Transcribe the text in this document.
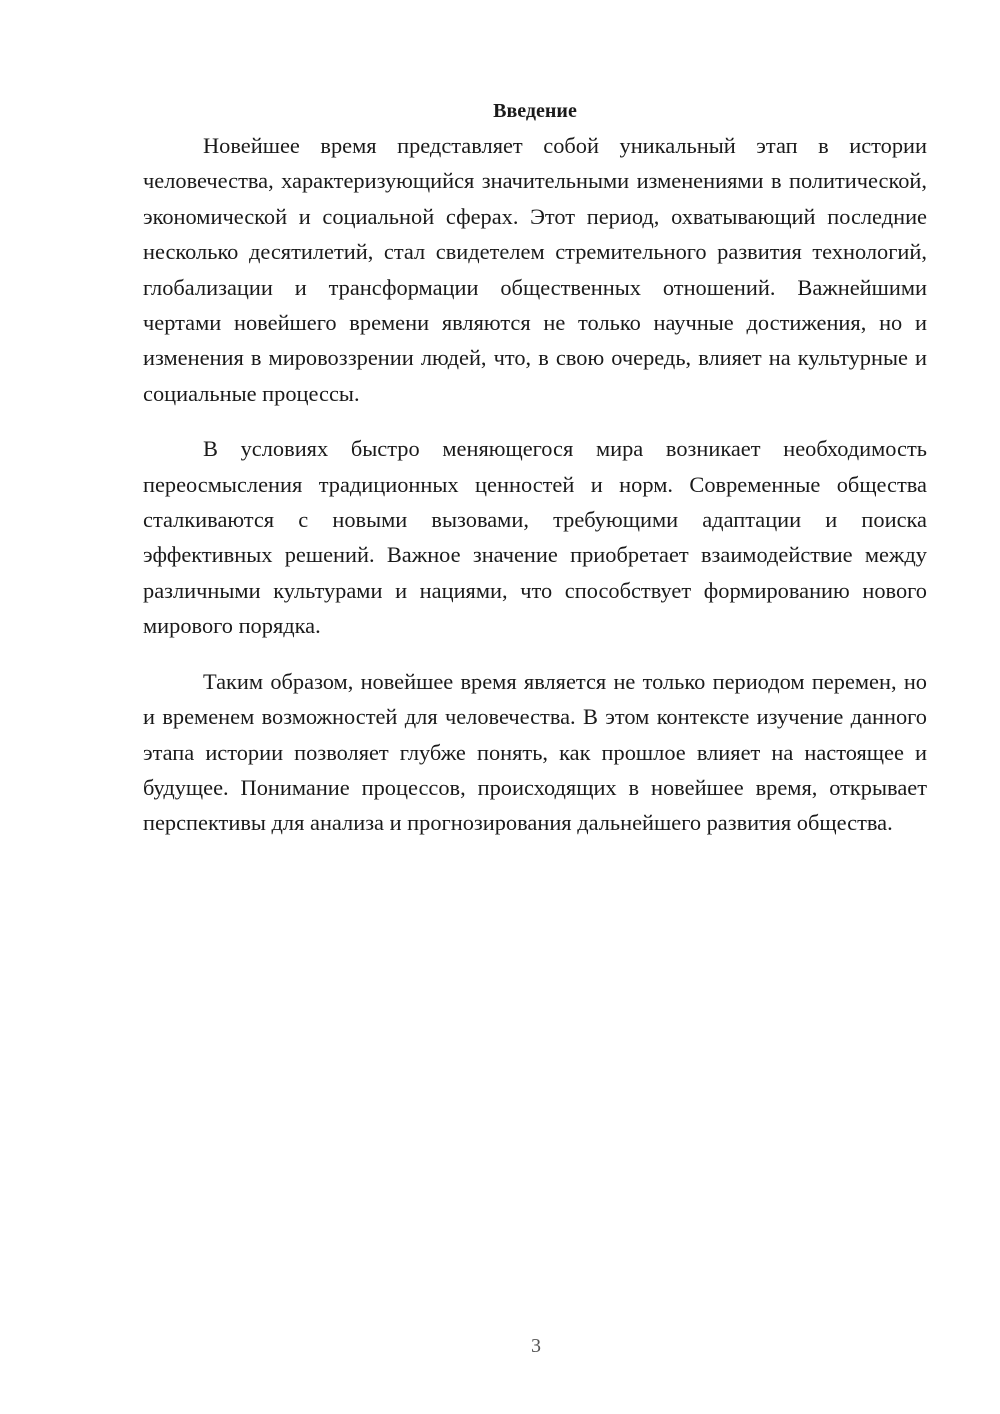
Введение

Новейшее время представляет собой уникальный этап в истории человечества, характеризующийся значительными изменениями в политической, экономической и социальной сферах. Этот период, охватывающий последние несколько десятилетий, стал свидетелем стремительного развития технологий, глобализации и трансформации общественных отношений. Важнейшими чертами новейшего времени являются не только научные достижения, но и изменения в мировоззрении людей, что, в свою очередь, влияет на культурные и социальные процессы.

В условиях быстро меняющегося мира возникает необходимость переосмысления традиционных ценностей и норм. Современные общества сталкиваются с новыми вызовами, требующими адаптации и поиска эффективных решений. Важное значение приобретает взаимодействие между различными культурами и нациями, что способствует формированию нового мирового порядка.

Таким образом, новейшее время является не только периодом перемен, но и временем возможностей для человечества. В этом контексте изучение данного этапа истории позволяет глубже понять, как прошлое влияет на настоящее и будущее. Понимание процессов, происходящих в новейшее время, открывает перспективы для анализа и прогнозирования дальнейшего развития общества.

3
